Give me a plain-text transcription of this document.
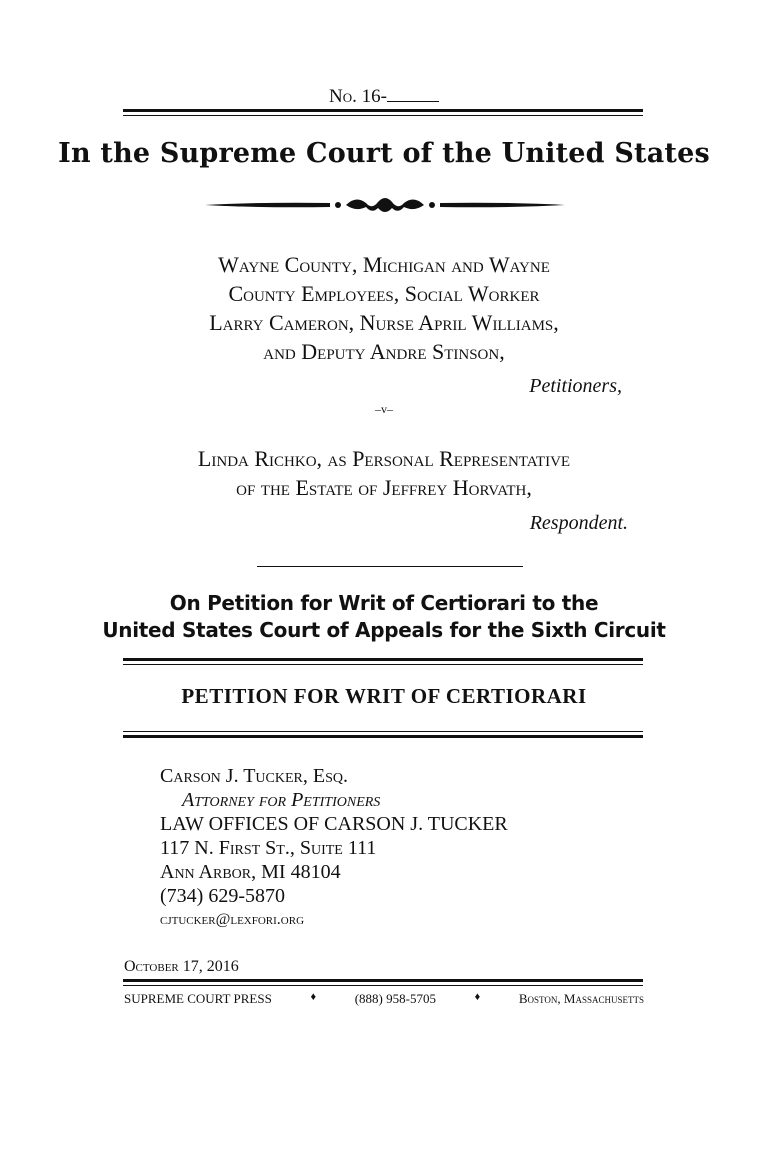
No. 16-
In the Supreme Court of the United States
Wayne County, Michigan and Wayne
County Employees, Social Worker
Larry Cameron, Nurse April Williams,
and Deputy Andre Stinson,
Petitioners,
–v–
Linda Richko, as Personal Representative
of the Estate of Jeffrey Horvath,
Respondent.
On Petition for Writ of Certiorari to the
United States Court of Appeals for the Sixth Circuit
PETITION FOR WRIT OF CERTIORARI
Carson J. Tucker, Esq.
Attorney for Petitioners
LAW OFFICES OF CARSON J. TUCKER
117 N. First St., Suite 111
Ann Arbor, MI 48104
(734) 629-5870
cjtucker@lexfori.org
October 17, 2016
SUPREME COURT PRESS	♦	(888) 958-5705	♦	Boston, Massachusetts
